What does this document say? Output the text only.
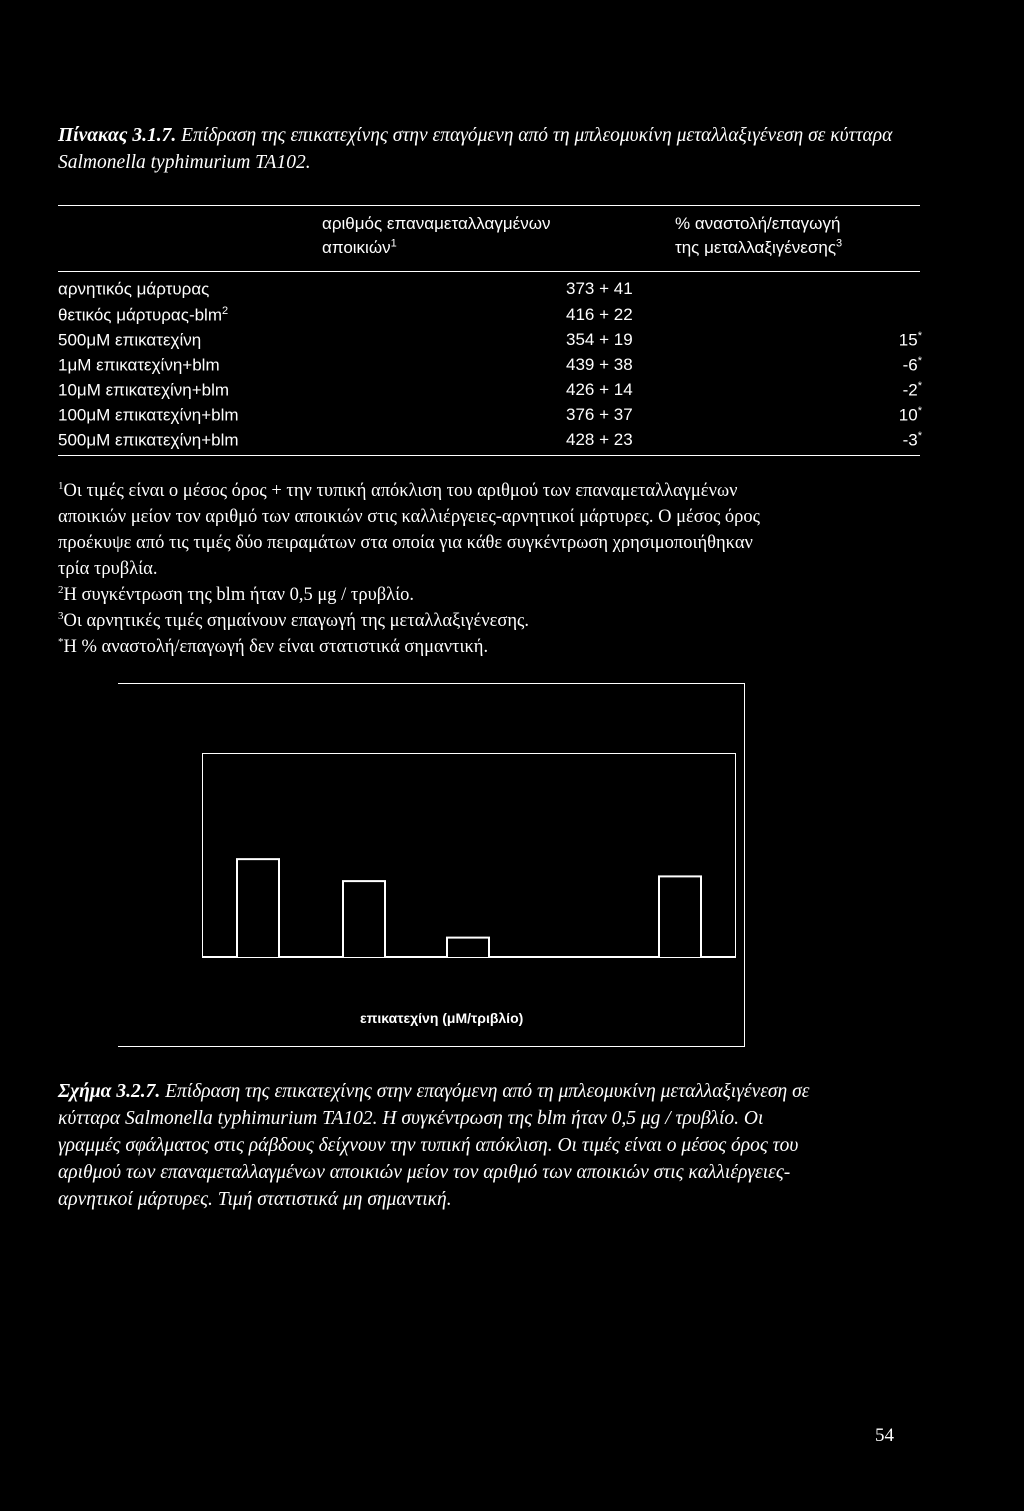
Πίνακας 3.1.7. Επίδραση της επικατεχίνης στην επαγόμενη από τη μπλεομυκίνη μεταλλαξιγένεση σε κύτταρα Salmonella typhimurium TA102.
αριθμός επαναμεταλλαγμένων
αποικιών$^1$
% αναστολή/επαγωγή
της μεταλλαξιγένεσης$^3$
αρνητικός μάρτυρας	373 + 41
θετικός μάρτυρας-blm$^2$	416 + 22
500μΜ επικατεχίνη	354 + 19	15*
1μΜ επικατεχίνη+blm	439 + 38	-6*
10μΜ επικατεχίνη+blm	426 + 14	-2*
100μΜ επικατεχίνη+blm	376 + 37	10*
500μΜ επικατεχίνη+blm	428 + 23	-3*
$^1$Οι τιμές είναι ο μέσος όρος + την τυπική απόκλιση του αριθμού των επαναμεταλλαγμένων
αποικιών μείον τον αριθμό των αποικιών στις καλλιέργειες-αρνητικοί μάρτυρες. Ο μέσος όρος
προέκυψε από τις τιμές δύο πειραμάτων στα οποία για κάθε συγκέντρωση χρησιμοποιήθηκαν
τρία τρυβλία.
$^2$Η συγκέντρωση της blm ήταν 0,5 μg / τρυβλίο.
$^3$Οι αρνητικές τιμές σημαίνουν επαγωγή της μεταλλαξιγένεσης.
*Η % αναστολή/επαγωγή δεν είναι στατιστικά σημαντική.
επικατεχίνη (μΜ/τριβλίο)
Σχήμα 3.2.7. Επίδραση της επικατεχίνης στην επαγόμενη από τη μπλεομυκίνη μεταλλαξιγένεση σε
κύτταρα Salmonella typhimurium TA102. Η συγκέντρωση της blm ήταν 0,5 μg / τρυβλίο. Οι
γραμμές σφάλματος στις ράβδους δείχνουν την τυπική απόκλιση. Οι τιμές είναι ο μέσος όρος του
αριθμού των επαναμεταλλαγμένων αποικιών μείον τον αριθμό των αποικιών στις καλλιέργειες-
αρνητικοί μάρτυρες. Τιμή στατιστικά μη σημαντική.
54
